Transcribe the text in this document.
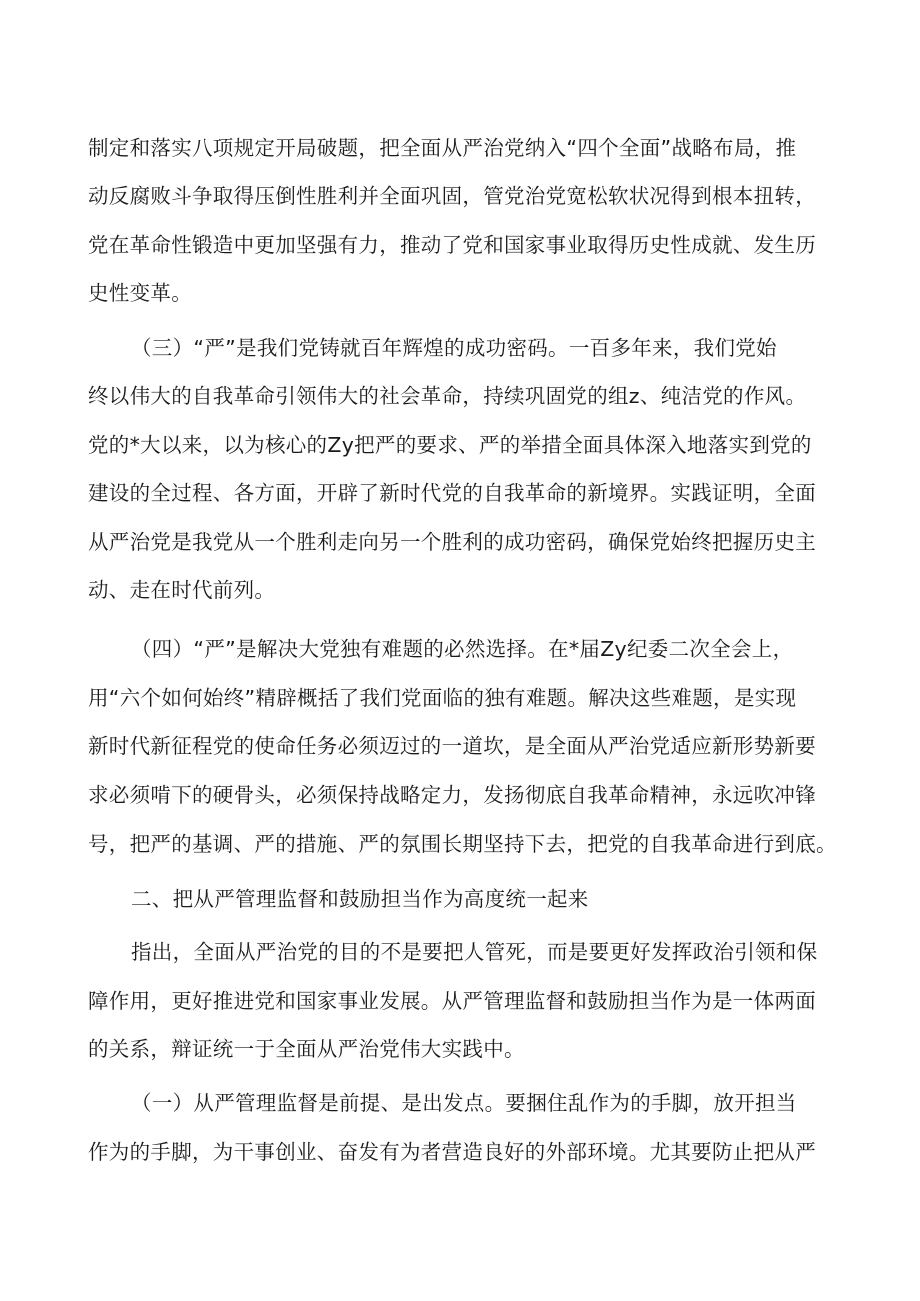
制定和落实八项规定开局破题，把全面从严治党纳入“四个全面”战略布局，推
动反腐败斗争取得压倒性胜利并全面巩固，管党治党宽松软状况得到根本扭转，
党在革命性锻造中更加坚强有力，推动了党和国家事业取得历史性成就、发生历
史性变革。
（三）“严”是我们党铸就百年辉煌的成功密码。一百多年来，我们党始
终以伟大的自我革命引领伟大的社会革命，持续巩固党的组z、纯洁党的作风。
党的*大以来，以为核心的Zy把严的要求、严的举措全面具体深入地落实到党的
建设的全过程、各方面，开辟了新时代党的自我革命的新境界。实践证明，全面
从严治党是我党从一个胜利走向另一个胜利的成功密码，确保党始终把握历史主
动、走在时代前列。
（四）“严”是解决大党独有难题的必然选择。在*届Zy纪委二次全会上，
用“六个如何始终”精辟概括了我们党面临的独有难题。解决这些难题，是实现
新时代新征程党的使命任务必须迈过的一道坎，是全面从严治党适应新形势新要
求必须啃下的硬骨头，必须保持战略定力，发扬彻底自我革命精神，永远吹冲锋
号，把严的基调、严的措施、严的氛围长期坚持下去，把党的自我革命进行到底。
二、把从严管理监督和鼓励担当作为高度统一起来
指出，全面从严治党的目的不是要把人管死，而是要更好发挥政治引领和保
障作用，更好推进党和国家事业发展。从严管理监督和鼓励担当作为是一体两面
的关系，辩证统一于全面从严治党伟大实践中。
（一）从严管理监督是前提、是出发点。要捆住乱作为的手脚，放开担当
作为的手脚，为干事创业、奋发有为者营造良好的外部环境。尤其要防止把从严
